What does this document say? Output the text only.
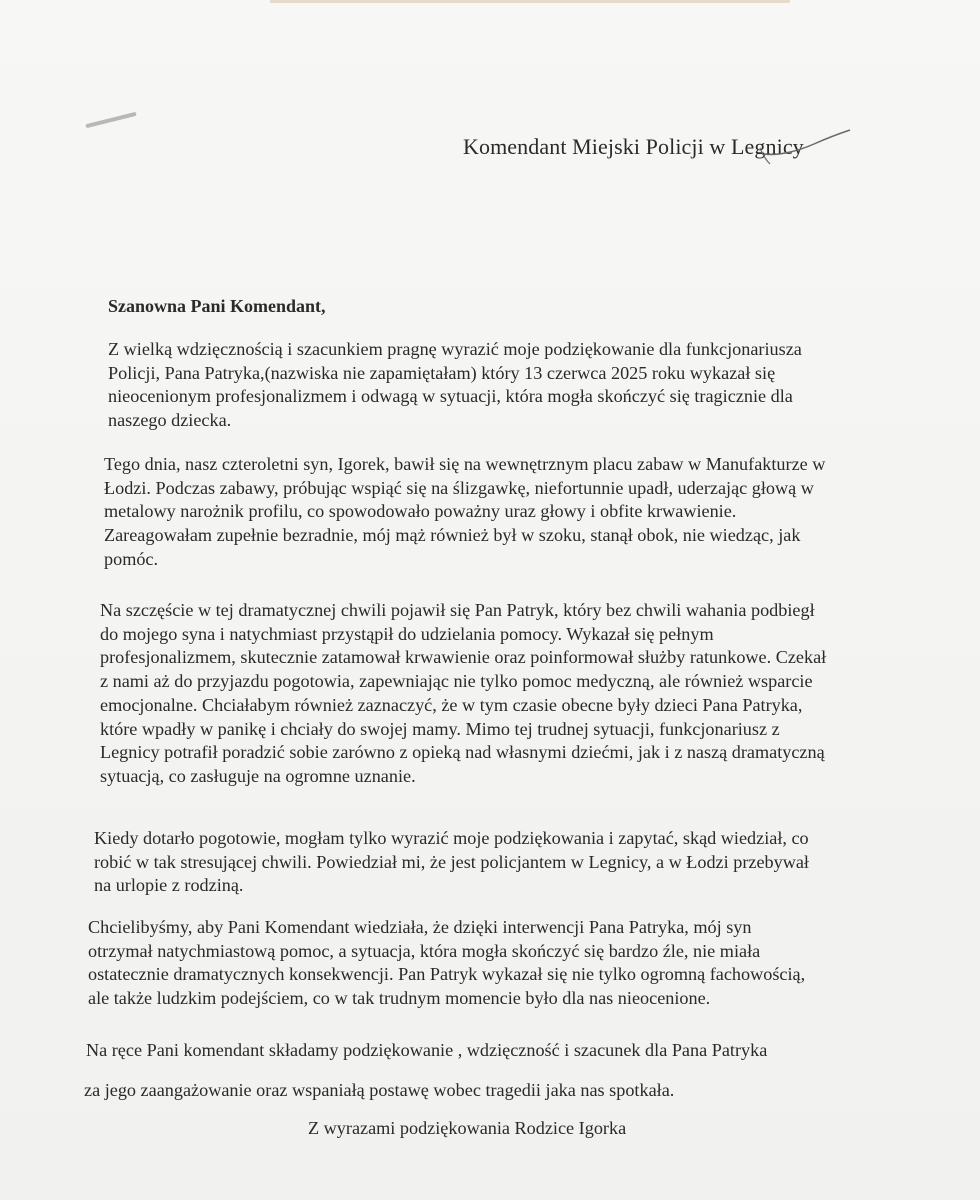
Komendant Miejski Policji w Legnicy
Szanowna Pani Komendant,

Z wielką wdzięcznością i szacunkiem pragnę wyrazić moje podziękowanie dla funkcjonariusza
Policji, Pana Patryka,(nazwiska nie zapamiętałam) który 13 czerwca 2025 roku wykazał się
nieocenionym profesjonalizmem i odwagą w sytuacji, która mogła skończyć się tragicznie dla
naszego dziecka.

Tego dnia, nasz czteroletni syn, Igorek, bawił się na wewnętrznym placu zabaw w Manufakturze w
Łodzi. Podczas zabawy, próbując wspiąć się na ślizgawkę, niefortunnie upadł, uderzając głową w
metalowy narożnik profilu, co spowodowało poważny uraz głowy i obfite krwawienie.
Zareagowałam zupełnie bezradnie, mój mąż również był w szoku, stanął obok, nie wiedząc, jak
pomóc.

Na szczęście w tej dramatycznej chwili pojawił się Pan Patryk, który bez chwili wahania podbiegł
do mojego syna i natychmiast przystąpił do udzielania pomocy. Wykazał się pełnym
profesjonalizmem, skutecznie zatamował krwawienie oraz poinformował służby ratunkowe. Czekał
z nami aż do przyjazdu pogotowia, zapewniając nie tylko pomoc medyczną, ale również wsparcie
emocjonalne. Chciałabym również zaznaczyć, że w tym czasie obecne były dzieci Pana Patryka,
które wpadły w panikę i chciały do swojej mamy. Mimo tej trudnej sytuacji, funkcjonariusz z
Legnicy potrafił poradzić sobie zarówno z opieką nad własnymi dziećmi, jak i z naszą dramatyczną
sytuacją, co zasługuje na ogromne uznanie.

Kiedy dotarło pogotowie, mogłam tylko wyrazić moje podziękowania i zapytać, skąd wiedział, co
robić w tak stresującej chwili. Powiedział mi, że jest policjantem w Legnicy, a w Łodzi przebywał
na urlopie z rodziną.

Chcielibyśmy, aby Pani Komendant wiedziała, że dzięki interwencji Pana Patryka, mój syn
otrzymał natychmiastową pomoc, a sytuacja, która mogła skończyć się bardzo źle, nie miała
ostatecznie dramatycznych konsekwencji. Pan Patryk wykazał się nie tylko ogromną fachowością,
ale także ludzkim podejściem, co w tak trudnym momencie było dla nas nieocenione.

Na ręce Pani komendant składamy podziękowanie , wdzięczność i szacunek dla Pana Patryka
za jego zaangażowanie oraz wspaniałą postawę wobec tragedii jaka nas spotkała.
Z wyrazami podziękowania Rodzice Igorka
